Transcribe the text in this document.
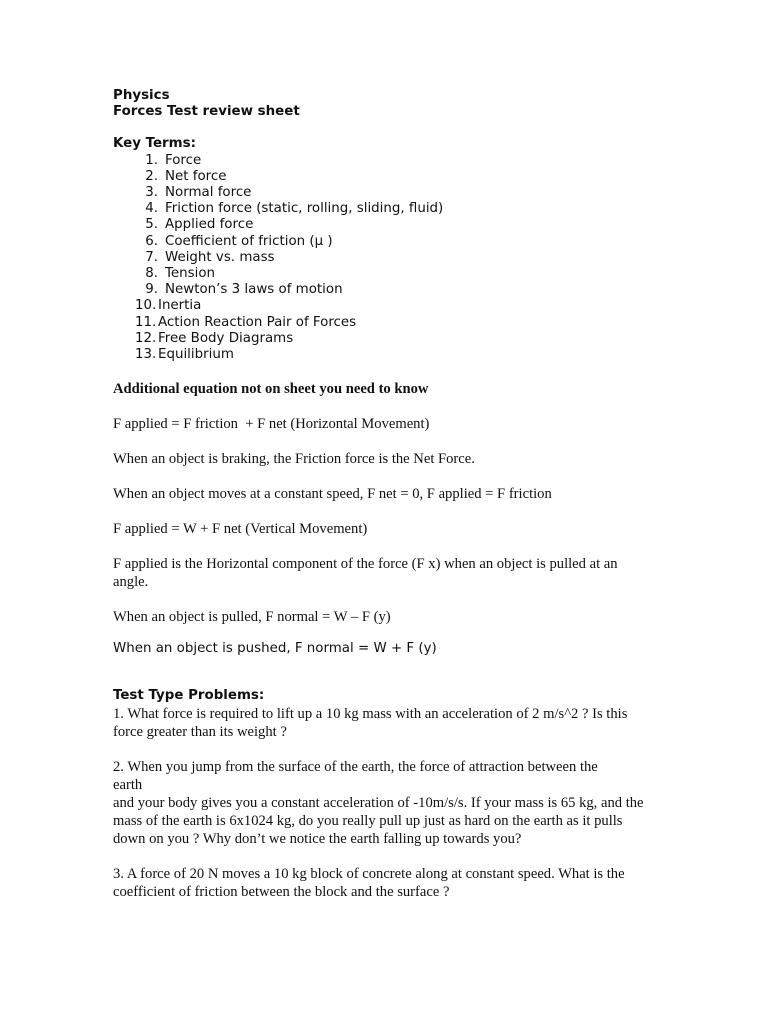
Physics
Forces Test review sheet
Key Terms:
1. Force
2. Net force
3. Normal force
4. Friction force (static, rolling, sliding, fluid)
5. Applied force
6. Coefficient of friction (μ )
7. Weight vs. mass
8. Tension
9. Newton’s 3 laws of motion
10. Inertia
11. Action Reaction Pair of Forces
12. Free Body Diagrams
13. Equilibrium
Additional equation not on sheet you need to know
F applied = F friction  + F net (Horizontal Movement)
When an object is braking, the Friction force is the Net Force.
When an object moves at a constant speed, F net = 0, F applied = F friction
F applied = W + F net (Vertical Movement)
F applied is the Horizontal component of the force (F x) when an object is pulled at an angle.
When an object is pulled, F normal = W – F (y)
When an object is pushed, F normal = W + F (y)
Test Type Problems:
1. What force is required to lift up a 10 kg mass with an acceleration of 2 m/s^2 ? Is this force greater than its weight ?
2. When you jump from the surface of the earth, the force of attraction between the earth
and your body gives you a constant acceleration of -10m/s/s. If your mass is 65 kg, and the mass of the earth is 6x1024 kg, do you really pull up just as hard on the earth as it pulls down on you ? Why don’t we notice the earth falling up towards you?
3. A force of 20 N moves a 10 kg block of concrete along at constant speed. What is the coefficient of friction between the block and the surface ?
